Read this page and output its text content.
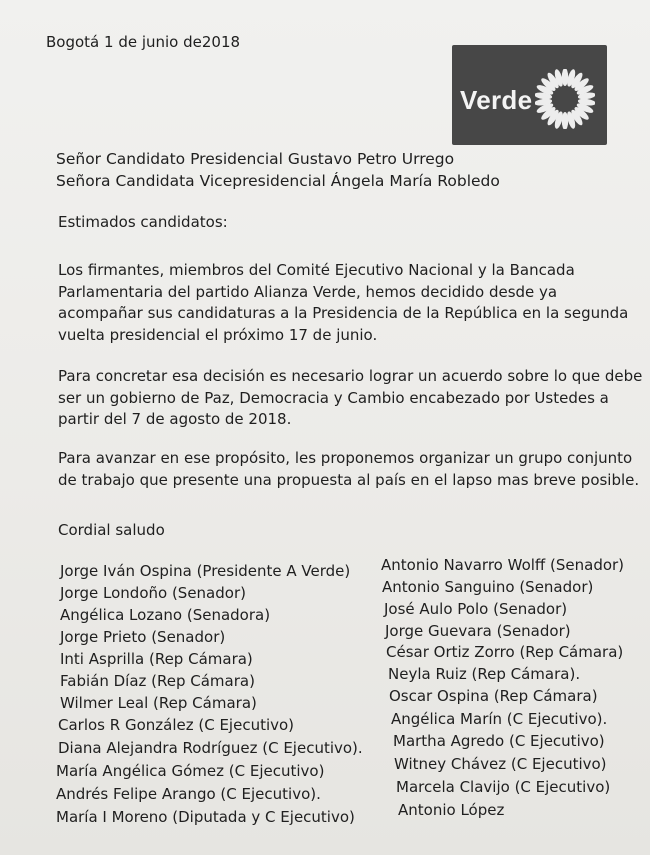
Bogotá 1 de junio de2018
Verde
Señor Candidato Presidencial Gustavo Petro Urrego
Señora Candidata Vicepresidencial Ángela María Robledo
Estimados candidatos:
Los firmantes, miembros del Comité Ejecutivo Nacional y la Bancada
Parlamentaria del partido Alianza Verde, hemos decidido desde ya
acompañar sus candidaturas a la Presidencia de la República en la segunda
vuelta presidencial el próximo 17 de junio.
Para concretar esa decisión es necesario lograr un acuerdo sobre lo que debe
ser un gobierno de Paz, Democracia y Cambio encabezado por Ustedes a
partir del 7 de agosto de 2018.
Para avanzar en ese propósito, les proponemos organizar un grupo conjunto
de trabajo que presente una propuesta al país en el lapso mas breve posible.
Cordial saludo
Jorge Iván Ospina (Presidente A Verde)
Jorge Londoño (Senador)
Angélica Lozano (Senadora)
Jorge Prieto (Senador)
Inti Asprilla (Rep Cámara)
Fabián Díaz (Rep Cámara)
Wilmer Leal (Rep Cámara)
Carlos R González (C Ejecutivo)
Diana Alejandra Rodríguez (C Ejecutivo).
María Angélica Gómez (C Ejecutivo)
Andrés Felipe Arango (C Ejecutivo).
María I Moreno (Diputada y C Ejecutivo)
Antonio Navarro Wolff (Senador)
Antonio Sanguino (Senador)
José Aulo Polo (Senador)
Jorge Guevara (Senador)
César Ortiz Zorro (Rep Cámara)
Neyla Ruiz (Rep Cámara).
Oscar Ospina (Rep Cámara)
Angélica Marín (C Ejecutivo).
Martha Agredo (C Ejecutivo)
Witney Chávez (C Ejecutivo)
Marcela Clavijo (C Ejecutivo)
Antonio López
